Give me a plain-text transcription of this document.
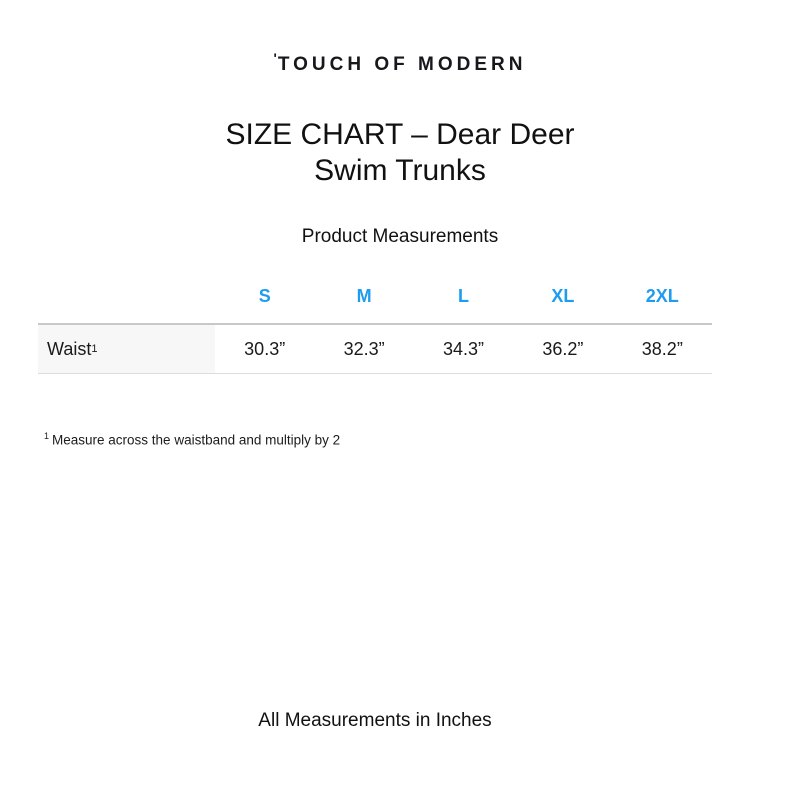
'TOUCH OF MODERN
SIZE CHART – Dear Deer
Swim Trunks
Product Measurements
S	M	L	XL	2XL
Waist 1	30.3”	32.3”	34.3”	36.2”	38.2”
$^1$ Measure across the waistband and multiply by 2
All Measurements in Inches
